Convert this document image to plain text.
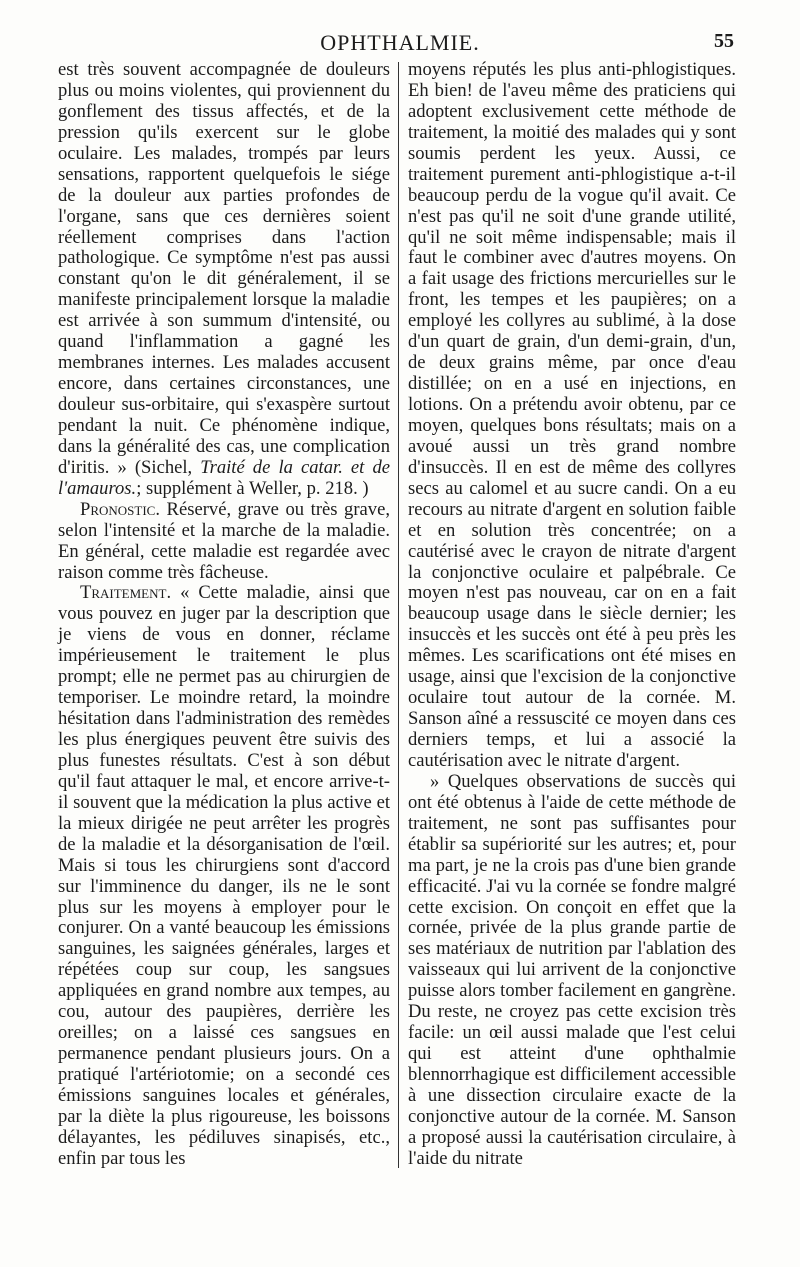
OPHTHALMIE.	55

est très souvent accompagnée de douleurs plus ou moins violentes, qui proviennent du gonflement des tissus affectés, et de la pression qu'ils exercent sur le globe oculaire. Les malades, trompés par leurs sensations, rapportent quelquefois le siége de la douleur aux parties profondes de l'organe, sans que ces dernières soient réellement comprises dans l'action pathologique. Ce symptôme n'est pas aussi constant qu'on le dit généralement, il se manifeste principalement lorsque la maladie est arrivée à son summum d'intensité, ou quand l'inflammation a gagné les membranes internes. Les malades accusent encore, dans certaines circonstances, une douleur sus-orbitaire, qui s'exaspère surtout pendant la nuit. Ce phénomène indique, dans la généralité des cas, une complication d'iritis. » (Sichel, Traité de la catar. et de l'amauros.; supplément à Weller, p. 218. )

Pronostic. Réservé, grave ou très grave, selon l'intensité et la marche de la maladie. En général, cette maladie est regardée avec raison comme très fâcheuse.

Traitement. « Cette maladie, ainsi que vous pouvez en juger par la description que je viens de vous en donner, réclame impérieusement le traitement le plus prompt; elle ne permet pas au chirurgien de temporiser. Le moindre retard, la moindre hésitation dans l'administration des remèdes les plus énergiques peuvent être suivis des plus funestes résultats. C'est à son début qu'il faut attaquer le mal, et encore arrive-t-il souvent que la médication la plus active et la mieux dirigée ne peut arrêter les progrès de la maladie et la désorganisation de l'œil. Mais si tous les chirurgiens sont d'accord sur l'imminence du danger, ils ne le sont plus sur les moyens à employer pour le conjurer. On a vanté beaucoup les émissions sanguines, les saignées générales, larges et répétées coup sur coup, les sangsues appliquées en grand nombre aux tempes, au cou, autour des paupières, derrière les oreilles; on a laissé ces sangsues en permanence pendant plusieurs jours. On a pratiqué l'artériotomie; on a secondé ces émissions sanguines locales et générales, par la diète la plus rigoureuse, les boissons délayantes, les pédiluves sinapisés, etc., enfin par tous les

moyens réputés les plus anti-phlogistiques. Eh bien! de l'aveu même des praticiens qui adoptent exclusivement cette méthode de traitement, la moitié des malades qui y sont soumis perdent les yeux. Aussi, ce traitement purement anti-phlogistique a-t-il beaucoup perdu de la vogue qu'il avait. Ce n'est pas qu'il ne soit d'une grande utilité, qu'il ne soit même indispensable; mais il faut le combiner avec d'autres moyens. On a fait usage des frictions mercurielles sur le front, les tempes et les paupières; on a employé les collyres au sublimé, à la dose d'un quart de grain, d'un demi-grain, d'un, de deux grains même, par once d'eau distillée; on en a usé en injections, en lotions. On a prétendu avoir obtenu, par ce moyen, quelques bons résultats; mais on a avoué aussi un très grand nombre d'insuccès. Il en est de même des collyres secs au calomel et au sucre candi. On a eu recours au nitrate d'argent en solution faible et en solution très concentrée; on a cautérisé avec le crayon de nitrate d'argent la conjonctive oculaire et palpébrale. Ce moyen n'est pas nouveau, car on en a fait beaucoup usage dans le siècle dernier; les insuccès et les succès ont été à peu près les mêmes. Les scarifications ont été mises en usage, ainsi que l'excision de la conjonctive oculaire tout autour de la cornée. M. Sanson aîné a ressuscité ce moyen dans ces derniers temps, et lui a associé la cautérisation avec le nitrate d'argent.

» Quelques observations de succès qui ont été obtenus à l'aide de cette méthode de traitement, ne sont pas suffisantes pour établir sa supériorité sur les autres; et, pour ma part, je ne la crois pas d'une bien grande efficacité. J'ai vu la cornée se fondre malgré cette excision. On conçoit en effet que la cornée, privée de la plus grande partie de ses matériaux de nutrition par l'ablation des vaisseaux qui lui arrivent de la conjonctive puisse alors tomber facilement en gangrène. Du reste, ne croyez pas cette excision très facile: un œil aussi malade que l'est celui qui est atteint d'une ophthalmie blennorrhagique est difficilement accessible à une dissection circulaire exacte de la conjonctive autour de la cornée. M. Sanson a proposé aussi la cautérisation circulaire, à l'aide du nitrate
